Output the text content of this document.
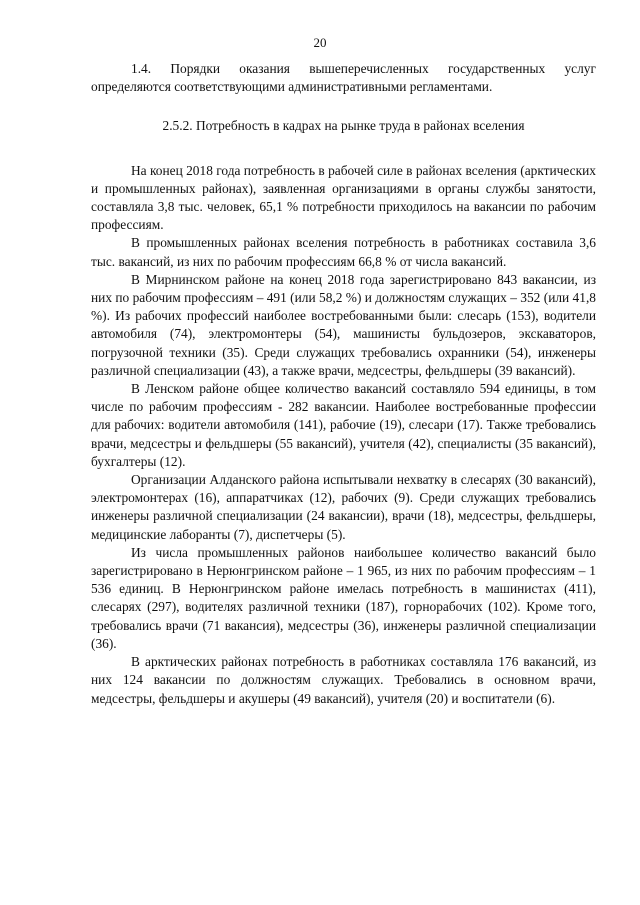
20

1.4. Порядки оказания вышеперечисленных государственных услуг определяются соответствующими административными регламентами.

2.5.2. Потребность в кадрах на рынке труда в районах вселения

На конец 2018 года потребность в рабочей силе в районах вселения (арктических и промышленных районах), заявленная организациями в органы службы занятости, составляла 3,8 тыс. человек, 65,1 % потребности приходилось на вакансии по рабочим профессиям.

В промышленных районах вселения потребность в работниках составила 3,6 тыс. вакансий, из них по рабочим профессиям 66,8 % от числа вакансий.

В Мирнинском районе на конец 2018 года зарегистрировано 843 вакансии, из них по рабочим профессиям – 491 (или 58,2 %) и должностям служащих – 352 (или 41,8 %). Из рабочих профессий наиболее востребованными были: слесарь (153), водители автомобиля (74), электромонтеры (54), машинисты бульдозеров, экскаваторов, погрузочной техники (35). Среди служащих требовались охранники (54), инженеры различной специализации (43), а также врачи, медсестры, фельдшеры (39 вакансий).

В Ленском районе общее количество вакансий составляло 594 единицы, в том числе по рабочим профессиям - 282 вакансии. Наиболее востребованные профессии для рабочих: водители автомобиля (141), рабочие (19), слесари (17). Также требовались врачи, медсестры и фельдшеры (55 вакансий), учителя (42), специалисты (35 вакансий), бухгалтеры (12).

Организации Алданского района испытывали нехватку в слесарях (30 вакансий), электромонтерах (16), аппаратчиках (12), рабочих (9). Среди служащих требовались инженеры различной специализации (24 вакансии), врачи (18), медсестры, фельдшеры, медицинские лаборанты (7), диспетчеры (5).

Из числа промышленных районов наибольшее количество вакансий было зарегистрировано в Нерюнгринском районе – 1 965, из них по рабочим профессиям – 1 536 единиц. В Нерюнгринском районе имелась потребность в машинистах (411), слесарях (297), водителях различной техники (187), горнорабочих (102). Кроме того, требовались врачи (71 вакансия), медсестры (36), инженеры различной специализации (36).

В арктических районах потребность в работниках составляла 176 вакансий, из них 124 вакансии по должностям служащих. Требовались в основном врачи, медсестры, фельдшеры и акушеры (49 вакансий), учителя (20) и воспитатели (6).
